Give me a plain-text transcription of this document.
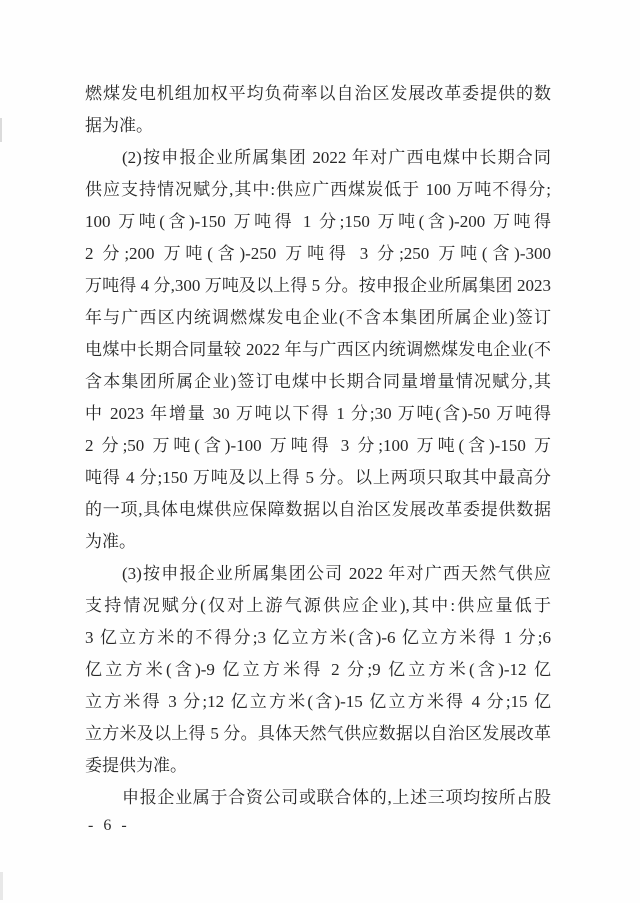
燃煤发电机组加权平均负荷率以自治区发展改革委提供的数
据为准。
(2)按申报企业所属集团 2022 年对广西电煤中长期合同
供应支持情况赋分,其中:供应广西煤炭低于 100 万吨不得分;
100 万吨(含)-150 万吨得 1 分;150 万吨(含)-200 万吨得
2 分;200 万吨(含)-250 万吨得 3 分;250 万吨(含)-300
万吨得 4 分,300 万吨及以上得 5 分。按申报企业所属集团 2023
年与广西区内统调燃煤发电企业(不含本集团所属企业)签订
电煤中长期合同量较 2022 年与广西区内统调燃煤发电企业(不
含本集团所属企业)签订电煤中长期合同量增量情况赋分,其
中 2023 年增量 30 万吨以下得 1 分;30 万吨(含)-50 万吨得
2 分;50 万吨(含)-100 万吨得 3 分;100 万吨(含)-150 万
吨得 4 分;150 万吨及以上得 5 分。以上两项只取其中最高分
的一项,具体电煤供应保障数据以自治区发展改革委提供数据
为准。
(3)按申报企业所属集团公司 2022 年对广西天然气供应
支持情况赋分(仅对上游气源供应企业),其中:供应量低于
3 亿立方米的不得分;3 亿立方米(含)-6 亿立方米得 1 分;6
亿立方米(含)-9 亿立方米得 2 分;9 亿立方米(含)-12 亿
立方米得 3 分;12 亿立方米(含)-15 亿立方米得 4 分;15 亿
立方米及以上得 5 分。具体天然气供应数据以自治区发展改革
委提供为准。
申报企业属于合资公司或联合体的,上述三项均按所占股
- 6 -
